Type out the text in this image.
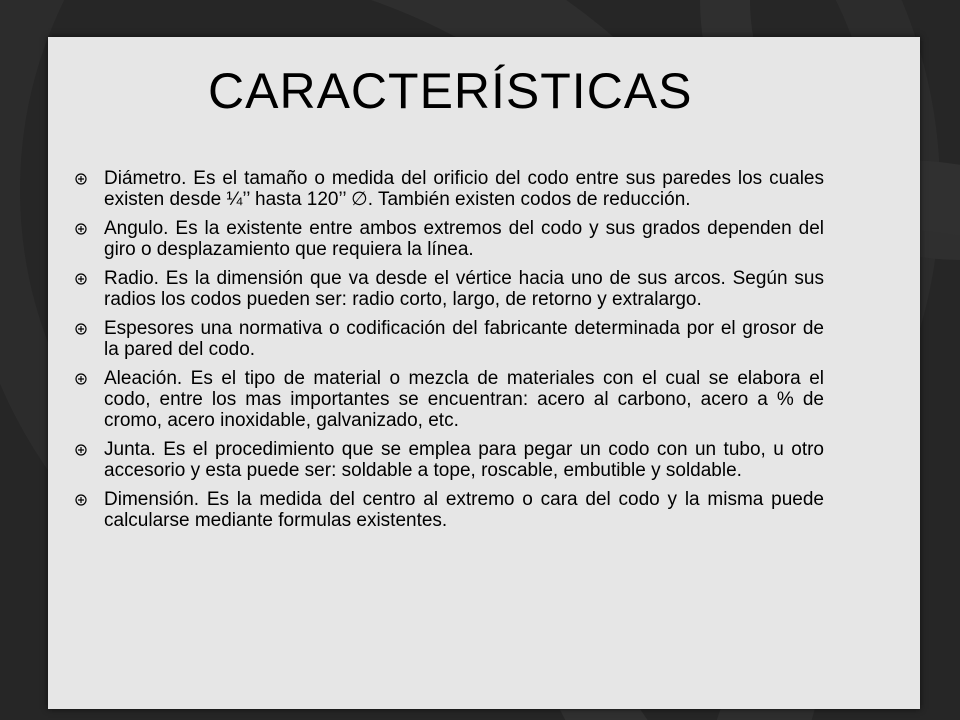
CARACTERÍSTICAS
Diámetro. Es el tamaño o medida del orificio del codo entre sus paredes los cuales existen desde ¼’’ hasta 120’’ ∅. También existen codos de reducción.
Angulo. Es la existente entre ambos extremos del codo y sus grados dependen del giro o desplazamiento que requiera la línea.
Radio. Es la dimensión que va desde el vértice hacia uno de sus arcos. Según sus radios los codos pueden ser: radio corto, largo, de retorno y extralargo.
Espesores una normativa o codificación del fabricante determinada por el grosor de la pared del codo.
Aleación. Es el tipo de material o mezcla de materiales con el cual se elabora el codo, entre los mas importantes se encuentran: acero al carbono, acero a % de cromo, acero inoxidable, galvanizado, etc.
Junta. Es el procedimiento que se emplea para pegar un codo con un tubo, u otro accesorio y esta puede ser: soldable a tope, roscable, embutible y soldable.
Dimensión. Es la medida del centro al extremo o cara del codo y la misma puede calcularse mediante formulas existentes.
